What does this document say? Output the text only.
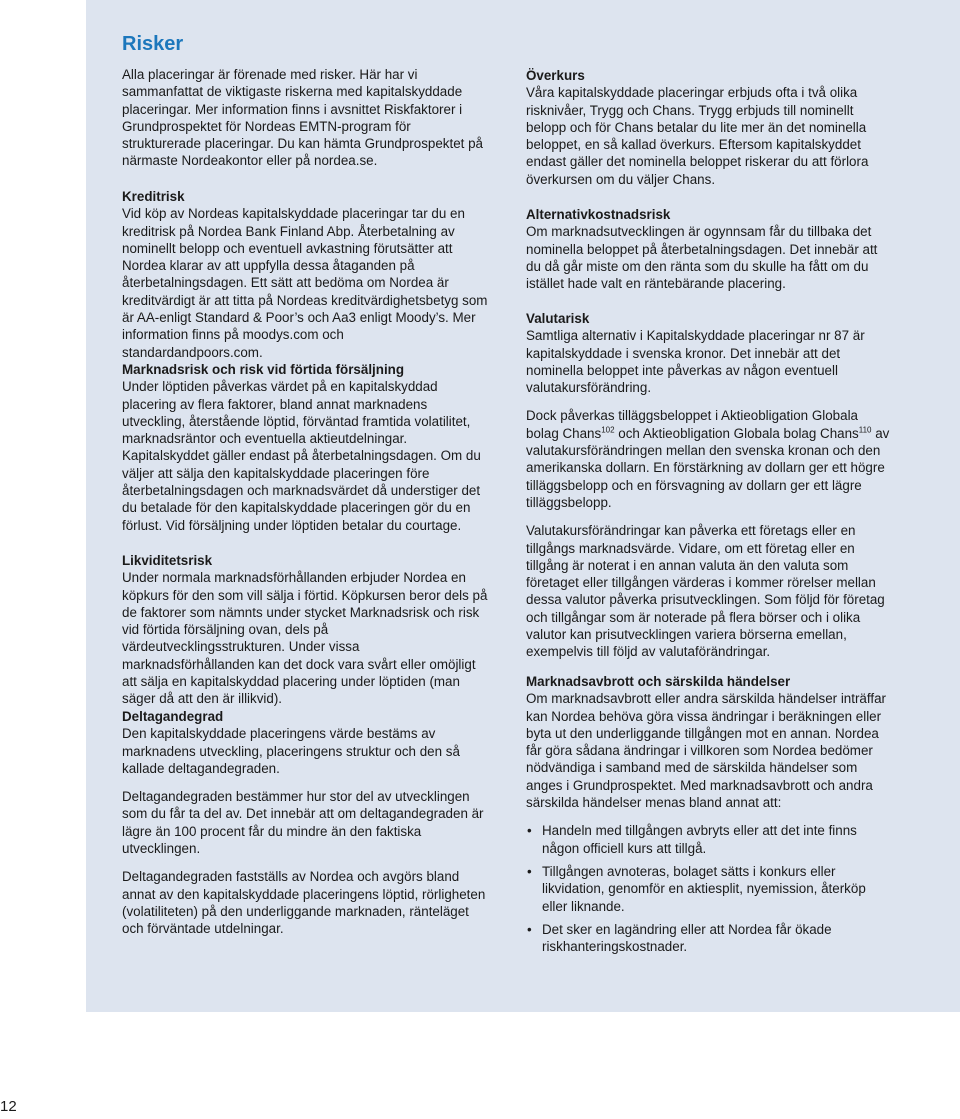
Risker

Alla placeringar är förenade med risker. Här har vi sammanfattat de viktigaste riskerna med kapitalskyddade placeringar. Mer information finns i avsnittet Riskfaktorer i Grundprospektet för Nordeas EMTN-program för strukturerade placeringar. Du kan hämta Grundprospektet på närmaste Nordeakontor eller på nordea.se.

Kreditrisk

Vid köp av Nordeas kapitalskyddade placeringar tar du en kreditrisk på Nordea Bank Finland Abp. Återbetalning av nominellt belopp och eventuell avkastning förutsätter att Nordea klarar av att uppfylla dessa åtaganden på återbetalningsdagen. Ett sätt att bedöma om Nordea är kreditvärdigt är att titta på Nordeas kreditvärdighetsbetyg som är AA-enligt Standard & Poor’s och Aa3 enligt Moody’s. Mer information finns på moodys.com och standardandpoors.com.

Marknadsrisk och risk vid förtida försäljning

Under löptiden påverkas värdet på en kapitalskyddad placering av flera faktorer, bland annat marknadens utveckling, återstående löptid, förväntad framtida volatilitet, marknadsräntor och eventuella aktieutdelningar. Kapitalskyddet gäller endast på återbetalningsdagen. Om du väljer att sälja den kapitalskyddade placeringen före återbetalningsdagen och marknadsvärdet då understiger det du betalade för den kapitalskyddade placeringen gör du en förlust. Vid försäljning under löptiden betalar du courtage.

Likviditetsrisk

Under normala marknadsförhållanden erbjuder Nordea en köpkurs för den som vill sälja i förtid. Köpkursen beror dels på de faktorer som nämnts under stycket Marknadsrisk och risk vid förtida försäljning ovan, dels på värdeutvecklingsstrukturen. Under vissa marknadsförhållanden kan det dock vara svårt eller omöjligt att sälja en kapitalskyddad placering under löptiden (man säger då att den är illikvid).

Deltagandegrad

Den kapitalskyddade placeringens värde bestäms av marknadens utveckling, placeringens struktur och den så kallade deltagandegraden.

Deltagandegraden bestämmer hur stor del av utvecklingen som du får ta del av. Det innebär att om deltagandegraden är lägre än 100 procent får du mindre än den faktiska utvecklingen.

Deltagandegraden fastställs av Nordea och avgörs bland annat av den kapitalskyddade placeringens löptid, rörligheten (volatiliteten) på den underliggande marknaden, ränteläget och förväntade utdelningar.

Överkurs

Våra kapitalskyddade placeringar erbjuds ofta i två olika risknivåer, Trygg och Chans. Trygg erbjuds till nominellt belopp och för Chans betalar du lite mer än det nominella beloppet, en så kallad överkurs. Eftersom kapitalskyddet endast gäller det nominella beloppet riskerar du att förlora överkursen om du väljer Chans.

Alternativkostnadsrisk

Om marknadsutvecklingen är ogynnsam får du tillbaka det nominella beloppet på återbetalningsdagen. Det innebär att du då går miste om den ränta som du skulle ha fått om du istället hade valt en räntebärande placering.

Valutarisk

Samtliga alternativ i Kapitalskyddade placeringar nr 87 är kapitalskyddade i svenska kronor. Det innebär att det nominella beloppet inte påverkas av någon eventuell valutakursförändring.

Dock påverkas tilläggsbeloppet i Aktieobligation Globala bolag Chans$^{102}$ och Aktieobligation Globala bolag Chans$^{110}$ av valutakursförändringen mellan den svenska kronan och den amerikanska dollarn. En förstärkning av dollarn ger ett högre tilläggsbelopp och en försvagning av dollarn ger ett lägre tilläggsbelopp.

Valutakursförändringar kan påverka ett företags eller en tillgångs marknadsvärde. Vidare, om ett företag eller en tillgång är noterat i en annan valuta än den valuta som företaget eller tillgången värderas i kommer rörelser mellan dessa valutor påverka prisutvecklingen. Som följd för företag och tillgångar som är noterade på flera börser och i olika valutor kan prisutvecklingen variera börserna emellan, exempelvis till följd av valutaförändringar.

Marknadsavbrott och särskilda händelser

Om marknadsavbrott eller andra särskilda händelser inträffar kan Nordea behöva göra vissa ändringar i beräkningen eller byta ut den underliggande tillgången mot en annan. Nordea får göra sådana ändringar i villkoren som Nordea bedömer nödvändiga i samband med de särskilda händelser som anges i Grundprospektet. Med marknadsavbrott och andra särskilda händelser menas bland annat att:

• Handeln med tillgången avbryts eller att det inte finns någon officiell kurs att tillgå.
• Tillgången avnoteras, bolaget sätts i konkurs eller likvidation, genomför en aktiesplit, nyemission, återköp eller liknande.
• Det sker en lagändring eller att Nordea får ökade riskhanteringskostnader.
12
